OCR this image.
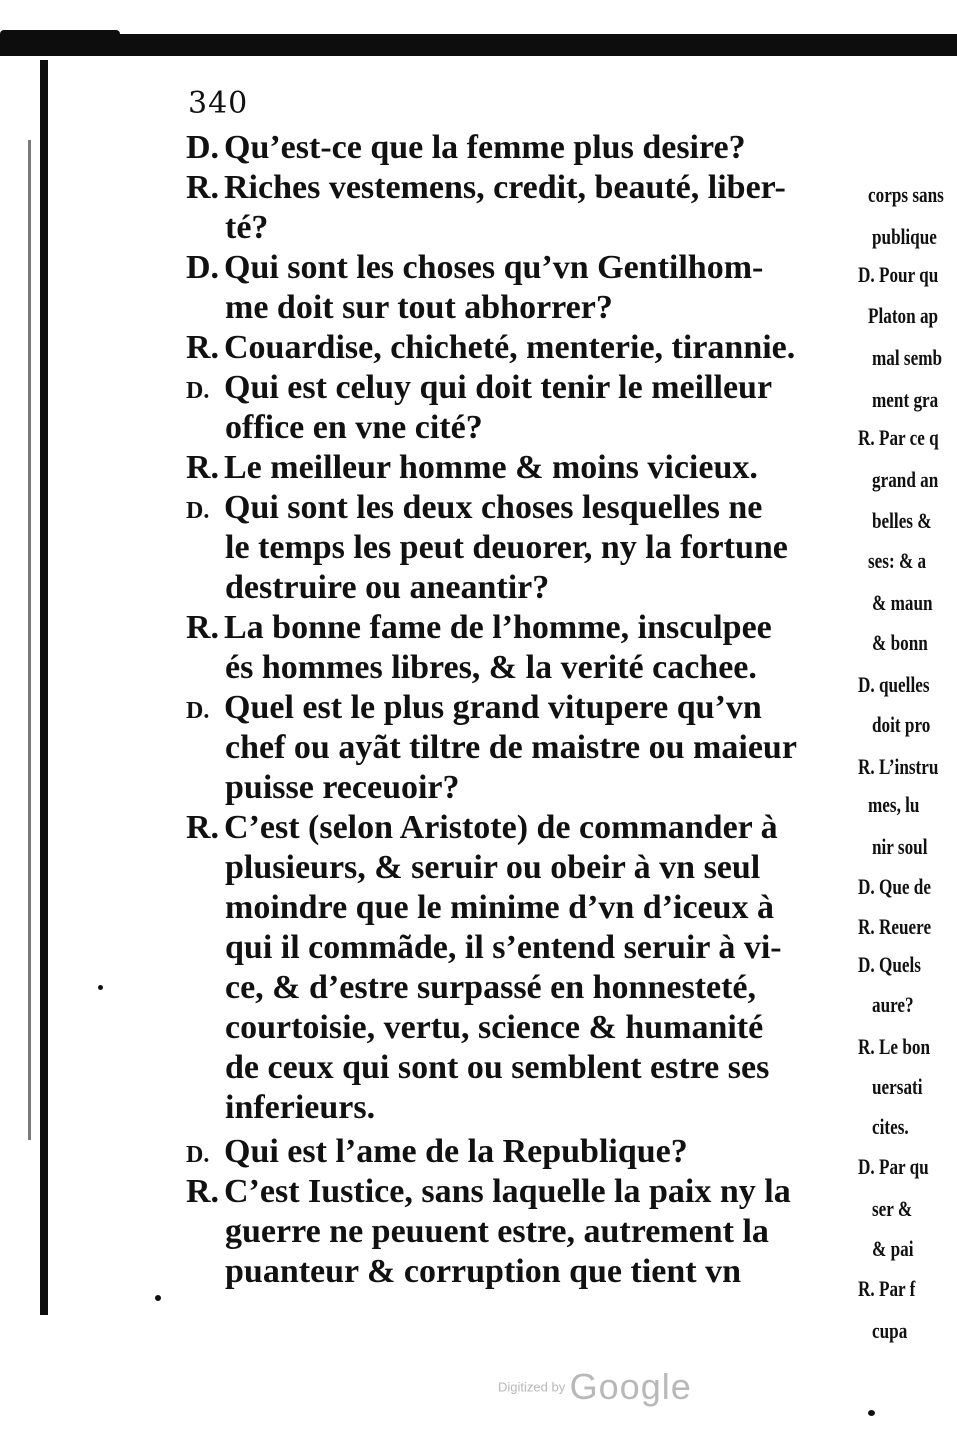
340
D. Qu’est-ce que la femme plus desire?
R. Riches vestemens, credit, beauté, liber-
té?
D. Qui sont les choses qu’vn Gentilhom-
me doit sur tout abhorrer?
R. Couardise, chicheté, menterie, tirannie.
D. Qui est celuy qui doit tenir le meilleur
office en vne cité?
R. Le meilleur homme & moins vicieux.
D. Qui sont les deux choses lesquelles ne
le temps les peut deuorer, ny la fortune
destruire ou aneantir?
R. La bonne fame de l’homme, insculpee
és hommes libres, & la verité cachee.
D. Quel est le plus grand vitupere qu’vn
chef ou ayãt tiltre de maistre ou maieur
puisse receuoir?
R. C’est (selon Aristote) de commander à
plusieurs, & seruir ou obeir à vn seul
moindre que le minime d’vn d’iceux à
qui il commãde, il s’entend seruir à vi-
ce, & d’estre surpassé en honnesteté,
courtoisie, vertu, science & humanité
de ceux qui sont ou semblent estre ses
inferieurs.
D. Qui est l’ame de la Republique?
R. C’est Iustice, sans laquelle la paix ny la
guerre ne peuuent estre, autrement la
puanteur & corruption que tient vn
corps sans
publique
D. Pour qu
Platon ap
mal semb
ment gra
R. Par ce q
grand an
belles &
ses: & a
& maun
& bonn
D. quelles
doit pro
R. L’instru
mes, lu
nir soul
D. Que de
R. Reuere
D. Quels
aure?
R. Le bon
uersati
cites.
D. Par qu
ser &
& pai
R. Par f
cupa
Digitized by Google
